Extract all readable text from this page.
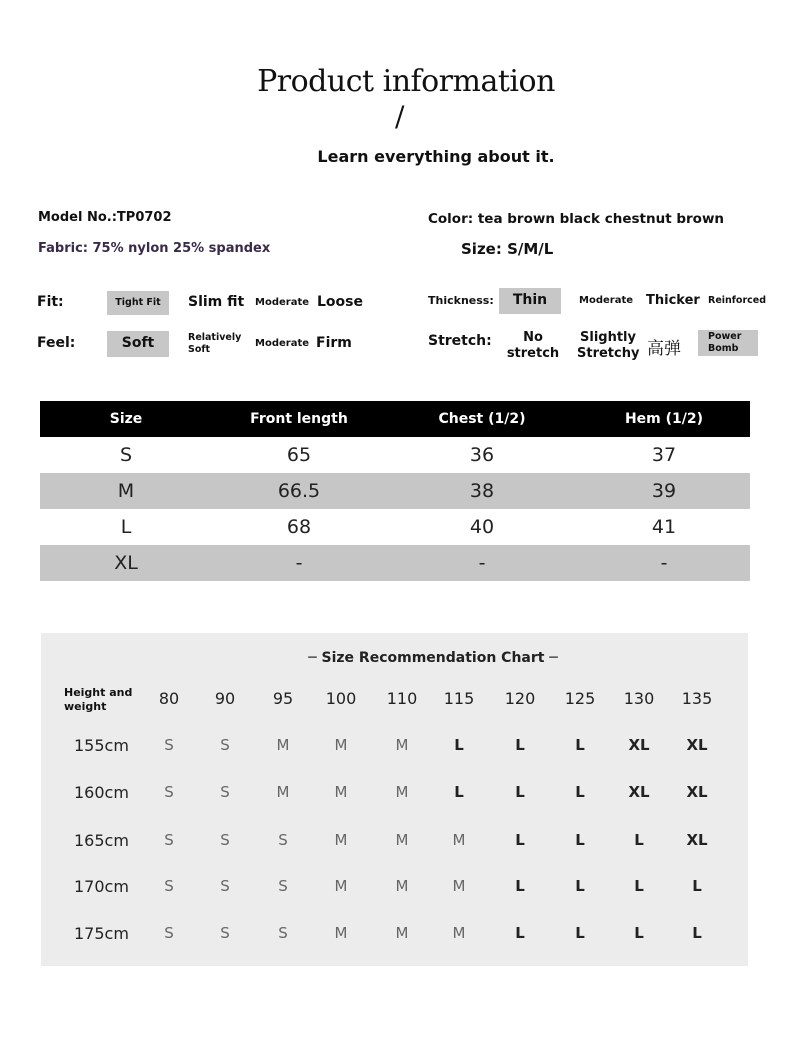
Product information
/
Learn everything about it.
Model No.:TP0702
Fabric: 75% nylon 25% spandex
Color: tea brown black chestnut brown
Size: S/M/L
Fit:	Tight Fit	Slim fit Moderate Loose	Thickness:	Thin	Moderate Thicker Reinforced
Feel:	Soft	Relatively Soft
Moderate Firm	Stretch:	No stretch
Slightly Stretchy 高弹
Power Bomb
Size	Front length	Chest (1/2)	Hem (1/2)
S	65	36	37
M	66.5	38	39
L	68	40	41
XL	-	-	-
─ Size Recommendation Chart ─
Height and weight	80	90	95	100 110 115 120 125 130 135
155cm	S	S	M	M	M	L	L	L	XL	XL
160cm	S	S	M	M	M	L	L	L	XL	XL
165cm	S	S	S	M	M	M	L	L	L	XL
170cm	S	S	S	M	M	M	L	L	L	L
175cm	S	S	S	M	M	M	L	L	L	L
